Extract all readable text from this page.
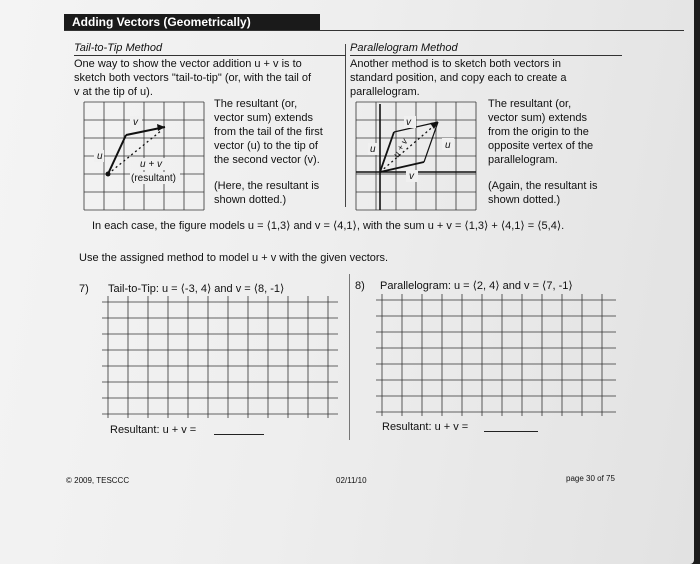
Adding Vectors (Geometrically)
Tail-to-Tip Method
One way to show the vector addition u + v is to
sketch both vectors "tail-to-tip" (or, with the tail of
v at the tip of u).
The resultant (or,
vector sum) extends
from the tail of the first
vector (u) to the tip of
the second vector (v).
(Here, the resultant is
shown dotted.)
v
u
u + v
(resultant)
Parallelogram Method
Another method is to sketch both vectors in
standard position, and copy each to create a
parallelogram.
The resultant (or,
vector sum) extends
from the origin to the
opposite vertex of the
parallelogram.
(Again, the resultant is
shown dotted.)
v
u
u
v
u + v
In each case, the figure models u = ⟨1,3⟩ and v = ⟨4,1⟩, with the sum u + v = ⟨1,3⟩ + ⟨4,1⟩ = ⟨5,4⟩.
Use the assigned method to model u + v with the given vectors.
7) Tail-to-Tip: u = ⟨-3, 4⟩ and v = ⟨8, -1⟩
Resultant: u + v =
8) Parallelogram: u = ⟨2, 4⟩ and v = ⟨7, -1⟩
Resultant: u + v =
© 2009, TESCCC	02/11/10	page 30 of 75
